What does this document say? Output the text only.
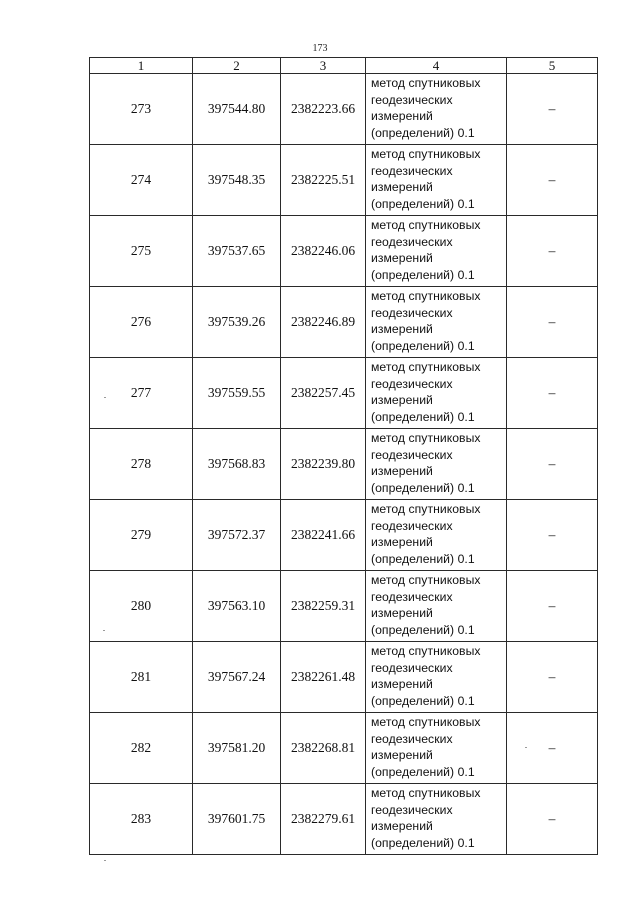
173
1	2	3	4	5
273	397544.80	2382223.66	метод спутниковых
геодезических
измерений
(определений) 0.1	–
274	397548.35	2382225.51	метод спутниковых
геодезических
измерений
(определений) 0.1	–
275	397537.65	2382246.06	метод спутниковых
геодезических
измерений
(определений) 0.1	–
276	397539.26	2382246.89	метод спутниковых
геодезических
измерений
(определений) 0.1	–
277	397559.55	2382257.45	метод спутниковых
геодезических
измерений
(определений) 0.1	–
278	397568.83	2382239.80	метод спутниковых
геодезических
измерений
(определений) 0.1	–
279	397572.37	2382241.66	метод спутниковых
геодезических
измерений
(определений) 0.1	–
280	397563.10	2382259.31	метод спутниковых
геодезических
измерений
(определений) 0.1	–
281	397567.24	2382261.48	метод спутниковых
геодезических
измерений
(определений) 0.1	–
282	397581.20	2382268.81	метод спутниковых
геодезических
измерений
(определений) 0.1	–
283	397601.75	2382279.61	метод спутниковых
геодезических
измерений
(определений) 0.1	–
